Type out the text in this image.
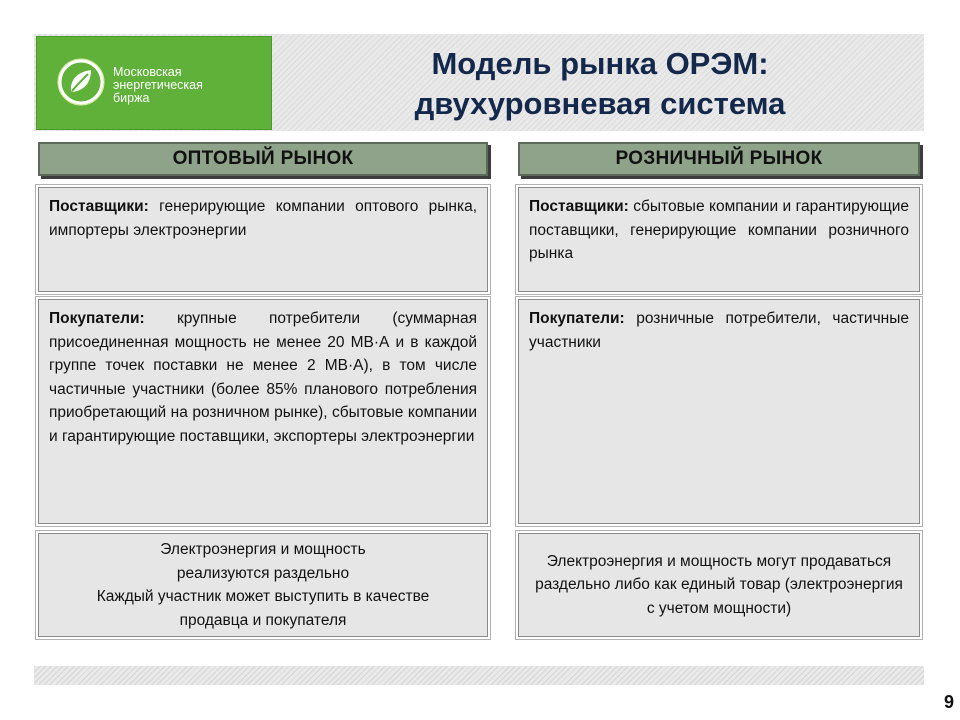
Московская
энергетическая
биржа
Модель рынка ОРЭМ:
двухуровневая система
ОПТОВЫЙ РЫНОК
Поставщики: генерирующие компании оптового рынка, импортеры электроэнергии
Покупатели: крупные потребители (суммарная присоединенная мощность не менее 20 МВ·А и в каждой группе точек поставки не менее 2 МВ·А), в том числе частичные участники (более 85% планового потребления приобретающий на розничном рынке), сбытовые компании и гарантирующие поставщики, экспортеры электроэнергии
Электроэнергия и мощность
реализуются раздельно
Каждый участник может выступить в качестве
продавца и покупателя
РОЗНИЧНЫЙ РЫНОК
Поставщики: сбытовые компании и гарантирующие поставщики, генерирующие компании розничного рынка
Покупатели: розничные потребители, частичные участники
Электроэнергия и мощность могут продаваться раздельно либо как единый товар (электроэнергия с учетом мощности)
9
